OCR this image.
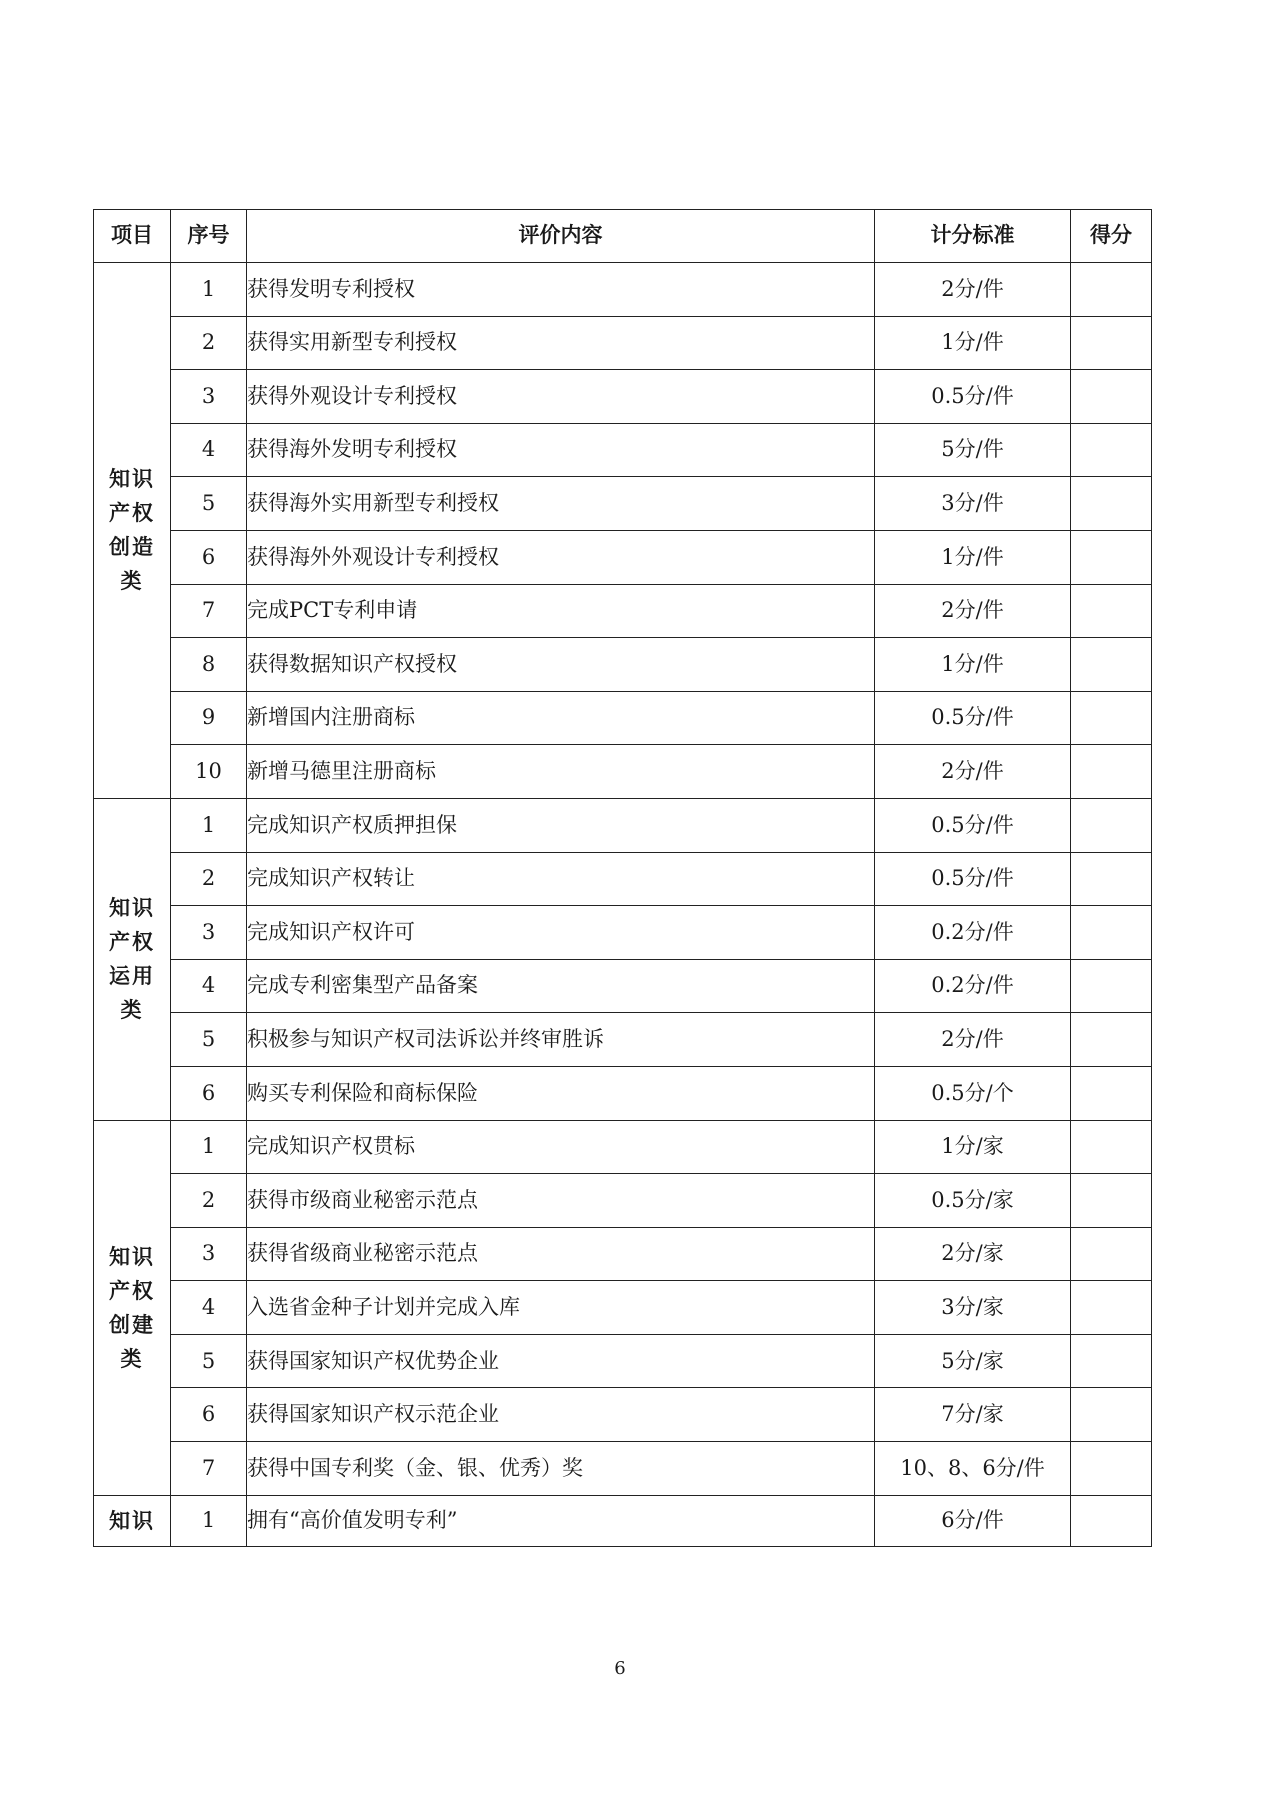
项目	序号	评价内容	计分标准	得分
知识产权创造类	1	获得发明专利授权	2分/件	
	2	获得实用新型专利授权	1分/件	
	3	获得外观设计专利授权	0.5分/件	
	4	获得海外发明专利授权	5分/件	
	5	获得海外实用新型专利授权	3分/件	
	6	获得海外外观设计专利授权	1分/件	
	7	完成PCT专利申请	2分/件	
	8	获得数据知识产权授权	1分/件	
	9	新增国内注册商标	0.5分/件	
	10	新增马德里注册商标	2分/件	
知识产权运用类	1	完成知识产权质押担保	0.5分/件	
	2	完成知识产权转让	0.5分/件	
	3	完成知识产权许可	0.2分/件	
	4	完成专利密集型产品备案	0.2分/件	
	5	积极参与知识产权司法诉讼并终审胜诉	2分/件	
	6	购买专利保险和商标保险	0.5分/个	
知识产权创建类	1	完成知识产权贯标	1分/家	
	2	获得市级商业秘密示范点	0.5分/家	
	3	获得省级商业秘密示范点	2分/家	
	4	入选省金种子计划并完成入库	3分/家	
	5	获得国家知识产权优势企业	5分/家	
	6	获得国家知识产权示范企业	7分/家	
	7	获得中国专利奖（金、银、优秀）奖	10、8、6分/件	
知识	1	拥有“高价值发明专利”	6分/件	
6
